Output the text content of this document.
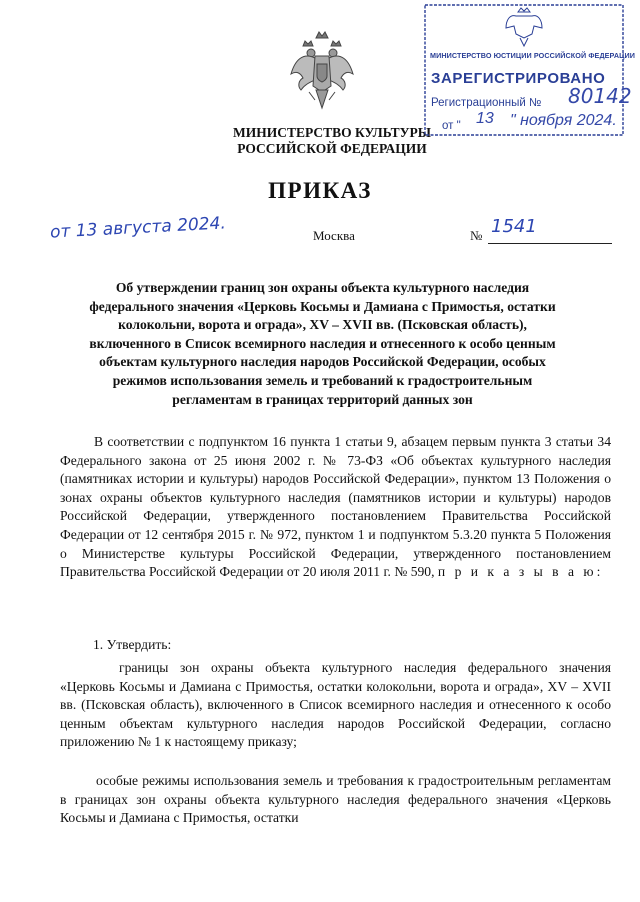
МИНИСТЕРСТВО КУЛЬТУРЫ
РОССИЙСКОЙ ФЕДЕРАЦИИ
МИНИСТЕРСТВО ЮСТИЦИИ РОССИЙСКОЙ ФЕДЕРАЦИИ
ЗАРЕГИСТРИРОВАНО
Регистрационный № 80142
от " 13 " ноября 2024.
ПРИКАЗ
от 13 августа 2024.	Москва	№ 1541
Об утверждении границ зон охраны объекта культурного наследия
федерального значения «Церковь Косьмы и Дамиана с Примостья, остатки
колокольни, ворота и ограда», XV – XVII вв. (Псковская область),
включенного в Список всемирного наследия и отнесенного к особо ценным
объектам культурного наследия народов Российской Федерации, особых
режимов использования земель и требований к градостроительным
регламентам в границах территорий данных зон
В соответствии с подпунктом 16 пункта 1 статьи 9, абзацем первым пункта 3 статьи 34 Федерального закона от 25 июня 2002 г. № 73-ФЗ «Об объектах культурного наследия (памятниках истории и культуры) народов Российской Федерации», пунктом 13 Положения о зонах охраны объектов культурного наследия (памятников истории и культуры) народов Российской Федерации, утвержденного постановлением Правительства Российской Федерации от 12 сентября 2015 г. № 972, пунктом 1 и подпунктом 5.3.20 пункта 5 Положения о Министерстве культуры Российской Федерации, утвержденного постановлением Правительства Российской Федерации от 20 июля 2011 г. № 590, п р и к а з ы в а ю:
1. Утвердить:
границы зон охраны объекта культурного наследия федерального значения «Церковь Косьмы и Дамиана с Примостья, остатки колокольни, ворота и ограда», XV – XVII вв. (Псковская область), включенного в Список всемирного наследия и отнесенного к особо ценным объектам культурного наследия народов Российской Федерации, согласно приложению № 1 к настоящему приказу;
особые режимы использования земель и требования к градостроительным регламентам в границах зон охраны объекта культурного наследия федерального значения «Церковь Косьмы и Дамиана с Примостья, остатки
